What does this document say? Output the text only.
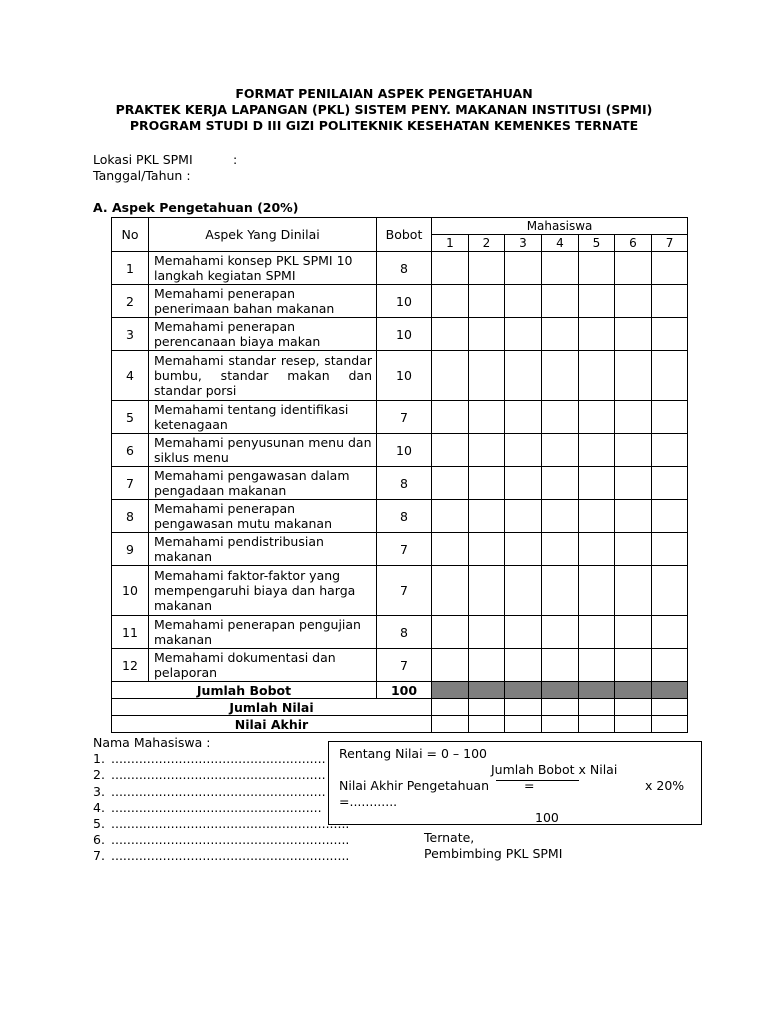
FORMAT PENILAIAN ASPEK PENGETAHUAN
PRAKTEK KERJA LAPANGAN (PKL) SISTEM PENY. MAKANAN INSTITUSI (SPMI)
PROGRAM STUDI D III GIZI POLITEKNIK KESEHATAN KEMENKES TERNATE
Lokasi PKL SPMI	:
Tanggal/Tahun :
A. Aspek Pengetahuan (20%)
No	Aspek Yang Dinilai	Bobot	Mahasiswa						
			1	2	3	4	5	6	7
1	Memahami konsep PKL SPMI 10 langkah kegiatan SPMI	8							
2	Memahami penerapan penerimaan bahan makanan	10							
3	Memahami penerapan perencanaan biaya makan	10							
4	Memahami standar resep, standar bumbu, standar makan dan standar porsi	10							
5	Memahami tentang identifikasi ketenagaan	7							
6	Memahami penyusunan menu dan siklus menu	10							
7	Memahami pengawasan dalam pengadaan makanan	8							
8	Memahami penerapan pengawasan mutu makanan	8							
9	Memahami pendistribusian makanan	7							
10	Memahami faktor-faktor yang mempengaruhi biaya dan harga makanan	7							
11	Memahami penerapan pengujian makanan	8							
12	Memahami dokumentasi dan pelaporan	7							
Jumlah Bobot		100							
Jumlah Nilai									
Nilai Akhir									
Nama Mahasiswa :
1. ......................................................
2. ......................................................
3. ......................................................
4. .....................................................
5. ............................................................
6. ............................................................
7. ............................................................
Rentang Nilai = 0 – 100
Jumlah Bobot x Nilai
Nilai Akhir Pengetahuan	=	x 20%
=............
100
Ternate,
Pembimbing PKL SPMI
